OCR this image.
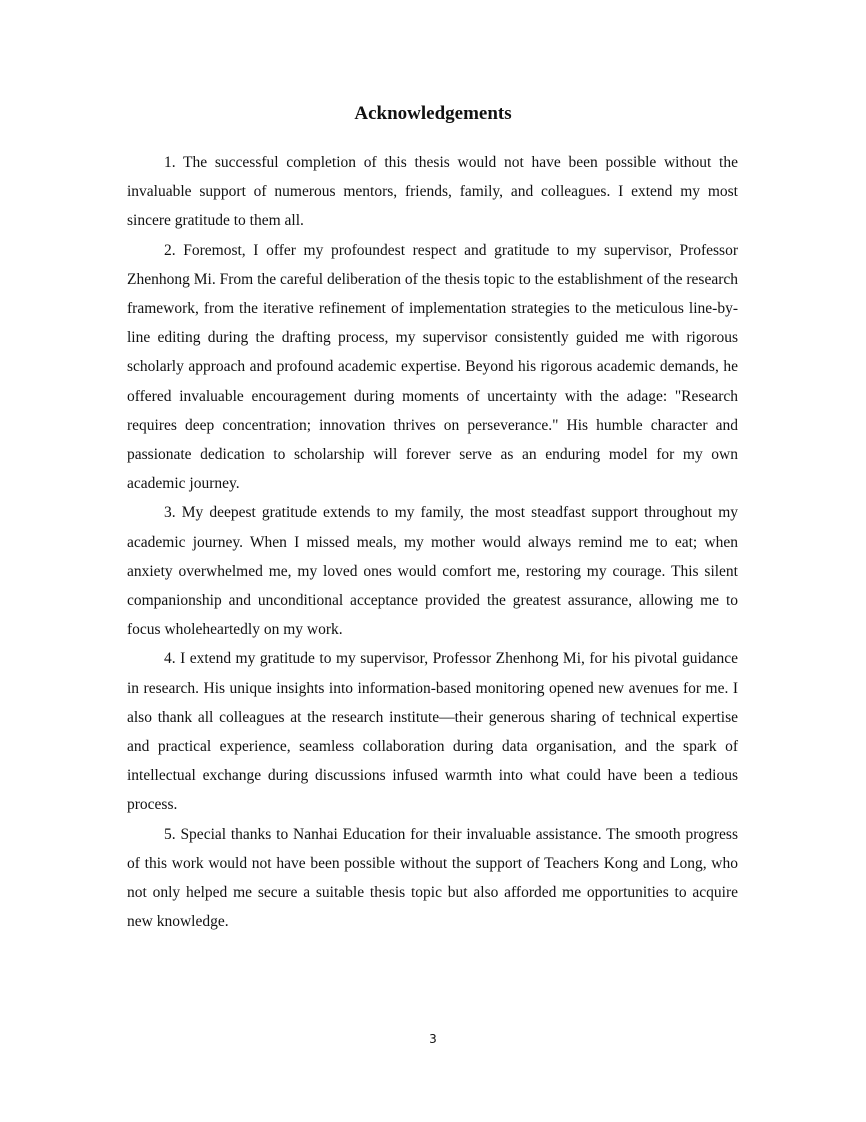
Acknowledgements

1. The successful completion of this thesis would not have been possible without the invaluable support of numerous mentors, friends, family, and colleagues. I extend my most sincere gratitude to them all.

2. Foremost, I offer my profoundest respect and gratitude to my supervisor, Professor Zhenhong Mi. From the careful deliberation of the thesis topic to the establishment of the research framework, from the iterative refinement of implementation strategies to the meticulous line-by-line editing during the drafting process, my supervisor consistently guided me with rigorous scholarly approach and profound academic expertise. Beyond his rigorous academic demands, he offered invaluable encouragement during moments of uncertainty with the adage: "Research requires deep concentration; innovation thrives on perseverance." His humble character and passionate dedication to scholarship will forever serve as an enduring model for my own academic journey.

3. My deepest gratitude extends to my family, the most steadfast support throughout my academic journey. When I missed meals, my mother would always remind me to eat; when anxiety overwhelmed me, my loved ones would comfort me, restoring my courage. This silent companionship and unconditional acceptance provided the greatest assurance, allowing me to focus wholeheartedly on my work.

4. I extend my gratitude to my supervisor, Professor Zhenhong Mi, for his pivotal guidance in research. His unique insights into information-based monitoring opened new avenues for me. I also thank all colleagues at the research institute—their generous sharing of technical expertise and practical experience, seamless collaboration during data organisation, and the spark of intellectual exchange during discussions infused warmth into what could have been a tedious process.

5. Special thanks to Nanhai Education for their invaluable assistance. The smooth progress of this work would not have been possible without the support of Teachers Kong and Long, who not only helped me secure a suitable thesis topic but also afforded me opportunities to acquire new knowledge.

3
